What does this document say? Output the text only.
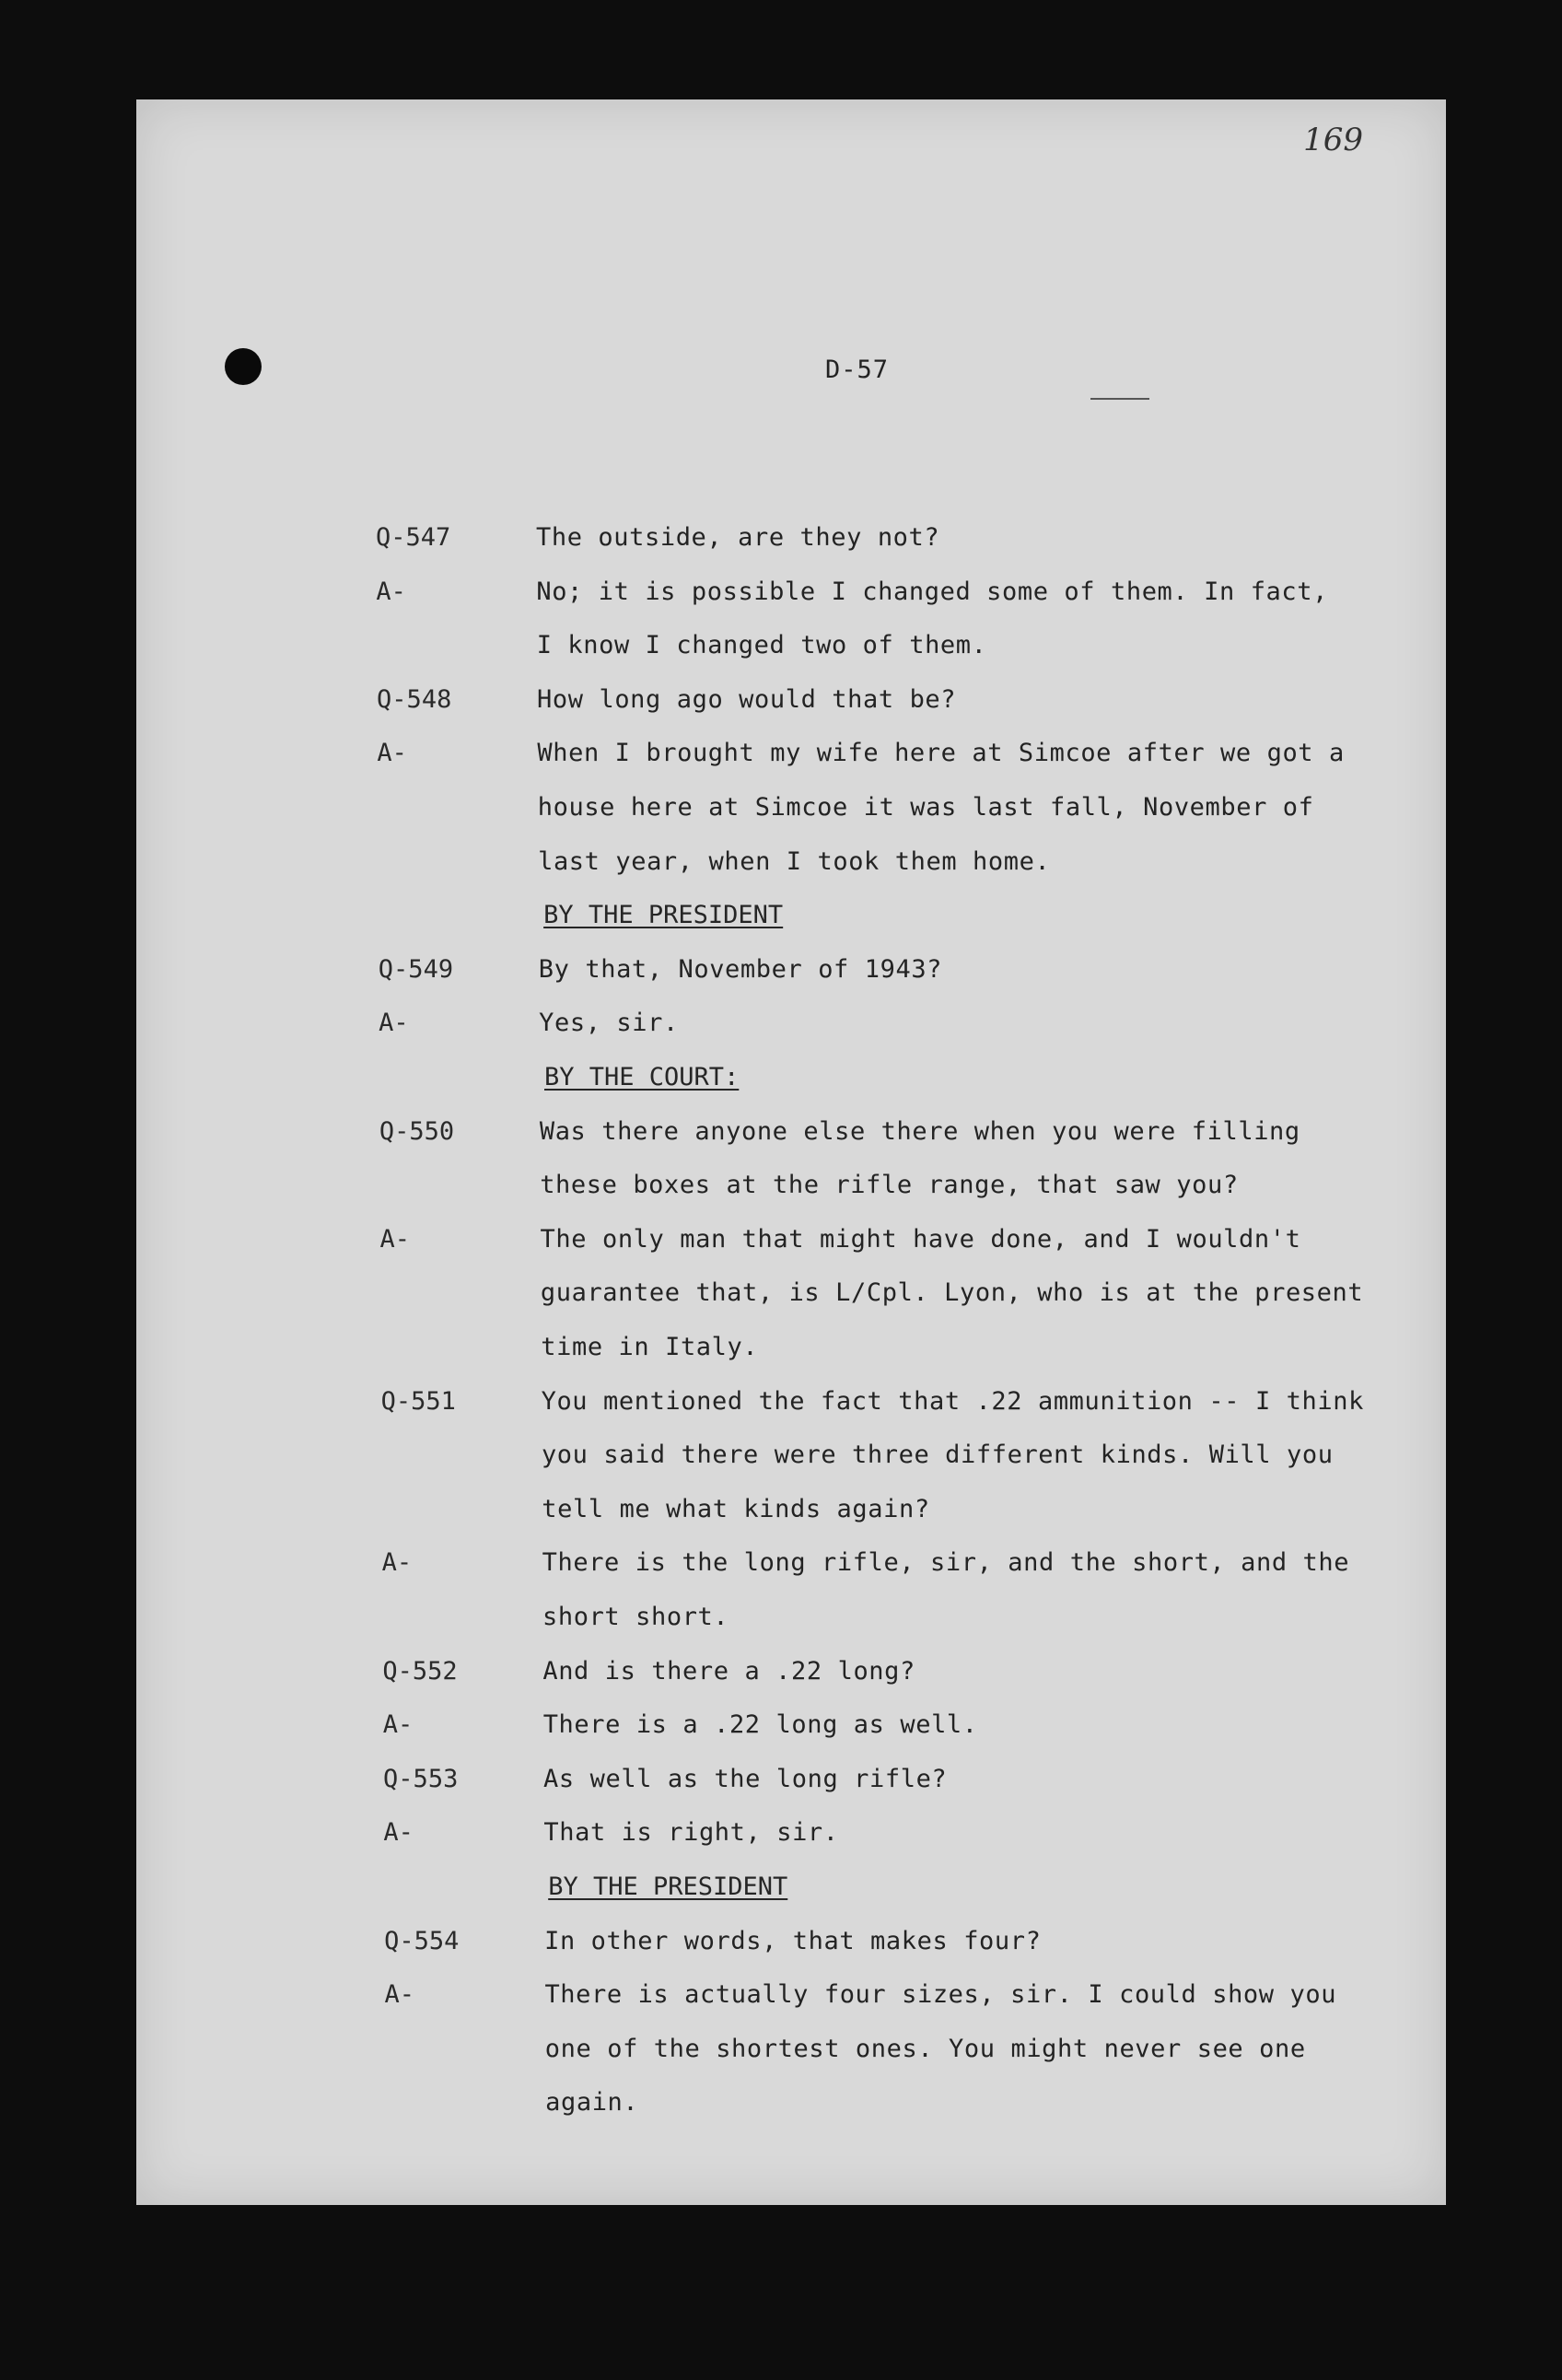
169
D-57
Q-547	The outside, are they not?
A-	No; it is possible I changed some of them. In fact,
I know I changed two of them.
Q-548	How long ago would that be?
A-	When I brought my wife here at Simcoe after we got a
house here at Simcoe it was last fall, November of
last year, when I took them home.
BY THE PRESIDENT
Q-549	By that, November of 1943?
A-	Yes, sir.
BY THE COURT:
Q-550	Was there anyone else there when you were filling
these boxes at the rifle range, that saw you?
A-	The only man that might have done, and I wouldn't
guarantee that, is L/Cpl. Lyon, who is at the present
time in Italy.
Q-551	You mentioned the fact that .22 ammunition -- I think
you said there were three different kinds. Will you
tell me what kinds again?
A-	There is the long rifle, sir, and the short, and the
short short.
Q-552	And is there a .22 long?
A-	There is a .22 long as well.
Q-553	As well as the long rifle?
A-	That is right, sir.
BY THE PRESIDENT
Q-554	In other words, that makes four?
A-	There is actually four sizes, sir. I could show you
one of the shortest ones. You might never see one
again.
